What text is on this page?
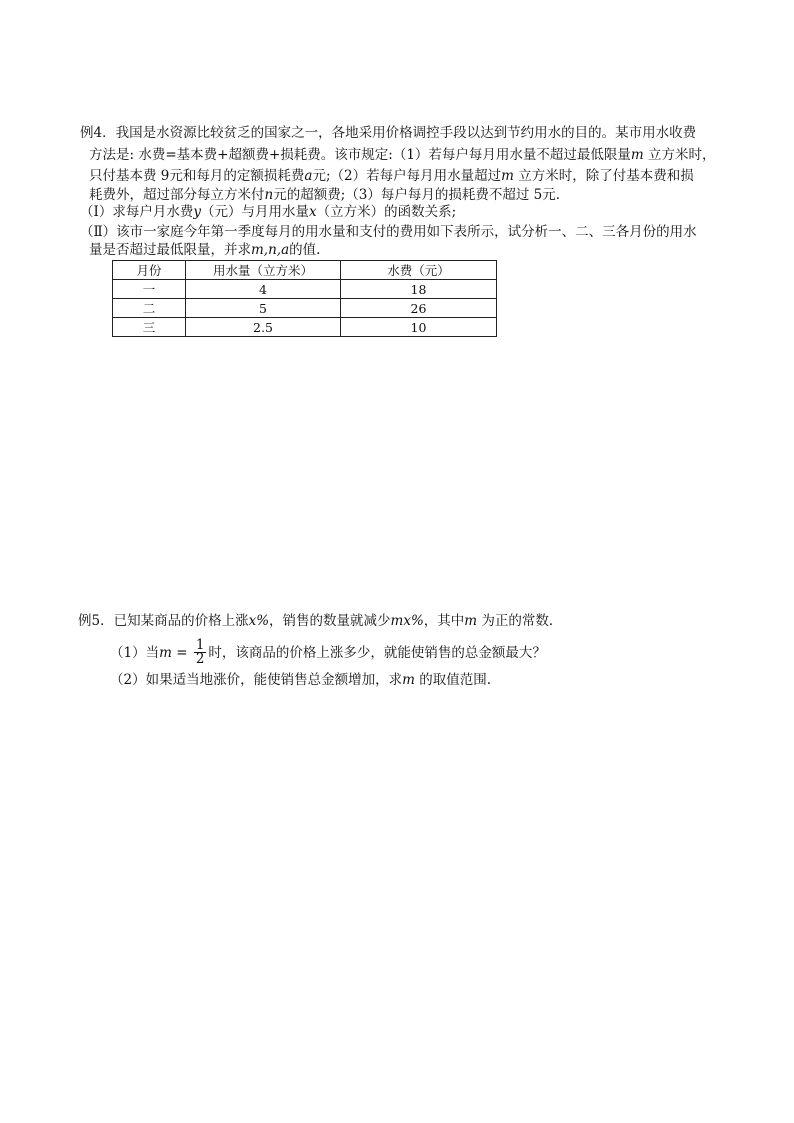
例4．我国是水资源比较贫乏的国家之一，各地采用价格调控手段以达到节约用水的目的。某市用水收费
方法是: 水费=基本费+超额费+损耗费。该市规定:（1）若每户每月用水量不超过最低限量m 立方米时，
只付基本费 9元和每月的定额损耗费a元;（2）若每户每月用水量超过m 立方米时，除了付基本费和损
耗费外，超过部分每立方米付n元的超额费;（3）每户每月的损耗费不超过 5元．
（Ⅰ）求每户月水费y（元）与月用水量x（立方米）的函数关系;
（Ⅱ）该市一家庭今年第一季度每月的用水量和支付的费用如下表所示，试分析一、二、三各月份的用水
量是否超过最低限量，并求m,n,a的值.
月份	用水量（立方米）	水费（元）
一	4	18
二	5	26
三	2.5	10
例5．已知某商品的价格上涨x%，销售的数量就减少mx%，其中m 为正的常数．
（1）当$m = \frac{1}{2}$ 时，该商品的价格上涨多少，就能使销售的总金额最大？
（2）如果适当地涨价，能使销售总金额增加，求m 的取值范围.
